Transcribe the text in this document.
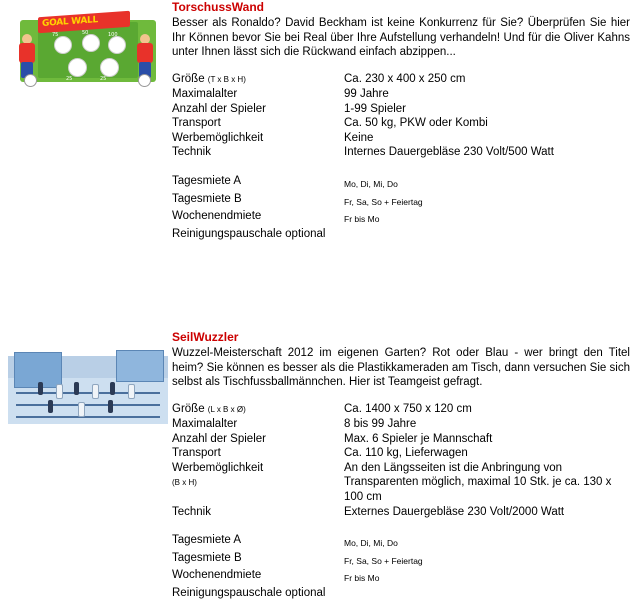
GOAL WALL
75	50	100
25	25
TorschussWand

Besser als Ronaldo? David Beckham ist keine Konkurrenz für Sie? Überprüfen Sie hier Ihr Können bevor Sie bei Real über Ihre Aufstellung verhandeln! Und für die Oliver Kahns unter Ihnen lässt sich die Rückwand einfach abzippen...

Größe (T x B x H)	Ca. 230 x 400 x 250 cm
Maximalalter	99 Jahre
Anzahl der Spieler	1-99 Spieler
Transport	Ca. 50 kg, PKW oder Kombi
Werbemöglichkeit	Keine
Technik	Internes Dauergebläse 230 Volt/500 Watt
Tagesmiete A	Mo, Di, Mi, Do
Tagesmiete B	Fr, Sa, So + Feiertag
Wochenendmiete	Fr bis Mo
Reinigungspauschale optional	
SeilWuzzler

Wuzzel-Meisterschaft 2012 im eigenen Garten? Rot oder Blau - wer bringt den Titel heim? Sie können es besser als die Plastikkameraden am Tisch, dann versuchen Sie sich selbst als Tischfussballmännchen. Hier ist Teamgeist gefragt.

Größe (L x B x Ø)	Ca. 1400 x 750 x 120 cm
Maximalalter	8 bis 99 Jahre
Anzahl der Spieler	Max. 6 Spieler je Mannschaft
Transport	Ca. 110 kg, Lieferwagen
Werbemöglichkeit
(B x H)	An den Längsseiten ist die Anbringung von Transparenten möglich, maximal 10 Stk. je ca. 130 x 100 cm
Technik	Externes Dauergebläse 230 Volt/2000 Watt
Tagesmiete A	Mo, Di, Mi, Do
Tagesmiete B	Fr, Sa, So + Feiertag
Wochenendmiete	Fr bis Mo
Reinigungspauschale optional	
